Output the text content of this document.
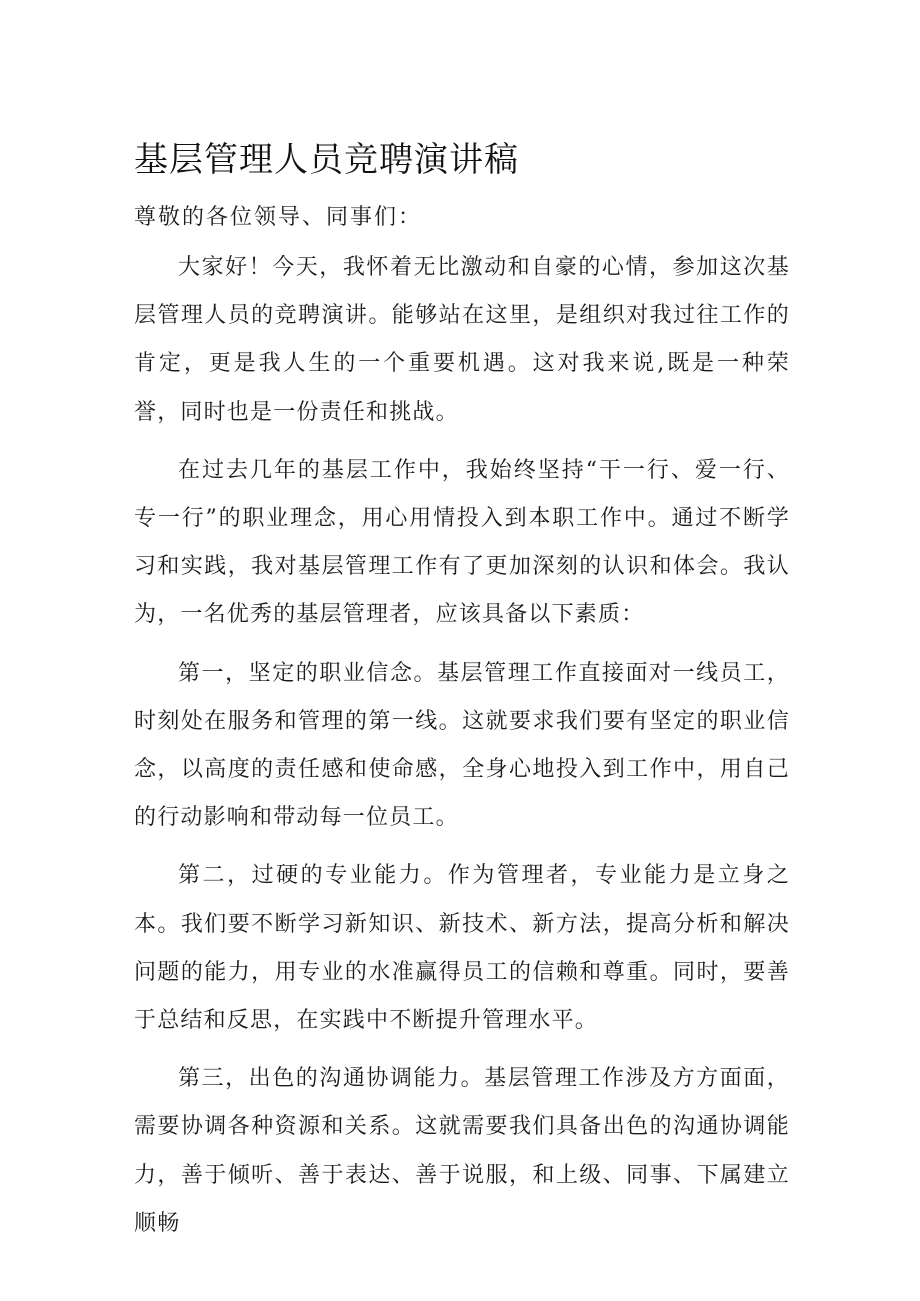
基层管理人员竞聘演讲稿
尊敬的各位领导、同事们：

大家好！今天，我怀着无比激动和自豪的心情，参加这次基层管理人员的竞聘演讲。能够站在这里，是组织对我过往工作的肯定，更是我人生的一个重要机遇。这对我来说,既是一种荣誉，同时也是一份责任和挑战。

在过去几年的基层工作中，我始终坚持“干一行、爱一行、专一行”的职业理念，用心用情投入到本职工作中。通过不断学习和实践，我对基层管理工作有了更加深刻的认识和体会。我认为，一名优秀的基层管理者，应该具备以下素质：

第一，坚定的职业信念。基层管理工作直接面对一线员工，时刻处在服务和管理的第一线。这就要求我们要有坚定的职业信念，以高度的责任感和使命感，全身心地投入到工作中，用自己的行动影响和带动每一位员工。

第二，过硬的专业能力。作为管理者，专业能力是立身之本。我们要不断学习新知识、新技术、新方法，提高分析和解决问题的能力，用专业的水准赢得员工的信赖和尊重。同时，要善于总结和反思，在实践中不断提升管理水平。

第三，出色的沟通协调能力。基层管理工作涉及方方面面，需要协调各种资源和关系。这就需要我们具备出色的沟通协调能力，善于倾听、善于表达、善于说服，和上级、同事、下属建立顺畅
